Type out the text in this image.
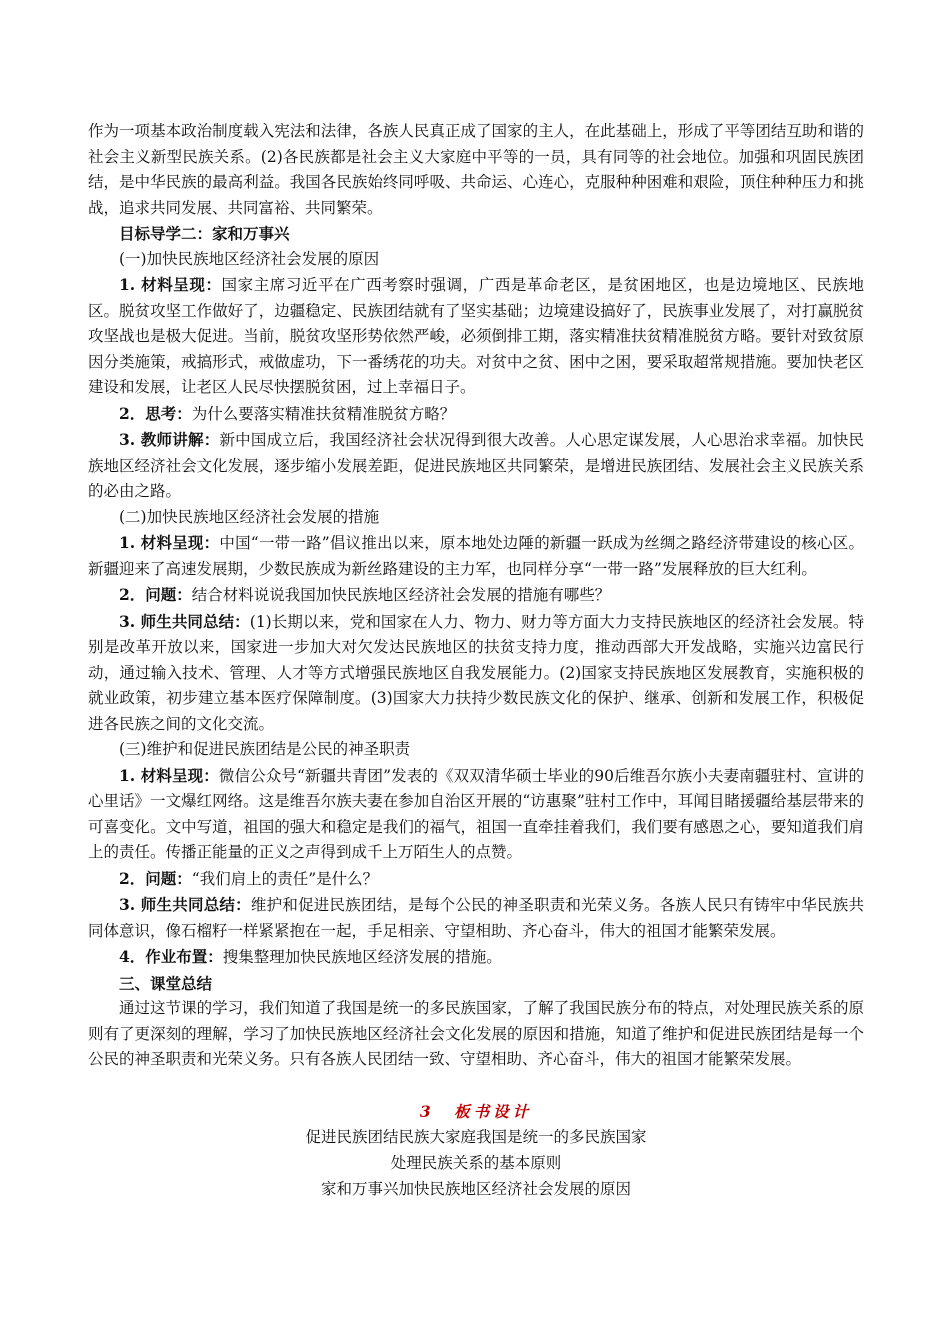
作为一项基本政治制度载入宪法和法律，各族人民真正成了国家的主人，在此基础上，形成了平等团结互助和谐的社会主义新型民族关系。(2)各民族都是社会主义大家庭中平等的一员，具有同等的社会地位。加强和巩固民族团结，是中华民族的最高利益。我国各民族始终同呼吸、共命运、心连心，克服种种困难和艰险，顶住种种压力和挑战，追求共同发展、共同富裕、共同繁荣。

目标导学二：家和万事兴

(一)加快民族地区经济社会发展的原因

1. 材料呈现：国家主席习近平在广西考察时强调，广西是革命老区，是贫困地区，也是边境地区、民族地区。脱贫攻坚工作做好了，边疆稳定、民族团结就有了坚实基础；边境建设搞好了，民族事业发展了，对打赢脱贫攻坚战也是极大促进。当前，脱贫攻坚形势依然严峻，必须倒排工期，落实精准扶贫精准脱贫方略。要针对致贫原因分类施策，戒搞形式，戒做虚功，下一番绣花的功夫。对贫中之贫、困中之困，要采取超常规措施。要加快老区建设和发展，让老区人民尽快摆脱贫困，过上幸福日子。

2．思考：为什么要落实精准扶贫精准脱贫方略？

3. 教师讲解：新中国成立后，我国经济社会状况得到很大改善。人心思定谋发展，人心思治求幸福。加快民族地区经济社会文化发展，逐步缩小发展差距，促进民族地区共同繁荣，是增进民族团结、发展社会主义民族关系的必由之路。

(二)加快民族地区经济社会发展的措施

1. 材料呈现：中国“一带一路”倡议推出以来，原本地处边陲的新疆一跃成为丝绸之路经济带建设的核心区。新疆迎来了高速发展期，少数民族成为新丝路建设的主力军，也同样分享“一带一路”发展释放的巨大红利。

2．问题：结合材料说说我国加快民族地区经济社会发展的措施有哪些？

3. 师生共同总结：(1)长期以来，党和国家在人力、物力、财力等方面大力支持民族地区的经济社会发展。特别是改革开放以来，国家进一步加大对欠发达民族地区的扶贫支持力度，推动西部大开发战略，实施兴边富民行动，通过输入技术、管理、人才等方式增强民族地区自我发展能力。(2)国家支持民族地区发展教育，实施积极的就业政策，初步建立基本医疗保障制度。(3)国家大力扶持少数民族文化的保护、继承、创新和发展工作，积极促进各民族之间的文化交流。

(三)维护和促进民族团结是公民的神圣职责

1. 材料呈现：微信公众号“新疆共青团”发表的《双双清华硕士毕业的90后维吾尔族小夫妻南疆驻村、宣讲的心里话》一文爆红网络。这是维吾尔族夫妻在参加自治区开展的“访惠聚”驻村工作中，耳闻目睹援疆给基层带来的可喜变化。文中写道，祖国的强大和稳定是我们的福气，祖国一直牵挂着我们，我们要有感恩之心，要知道我们肩上的责任。传播正能量的正义之声得到成千上万陌生人的点赞。

2．问题：“我们肩上的责任”是什么？

3. 师生共同总结：维护和促进民族团结，是每个公民的神圣职责和光荣义务。各族人民只有铸牢中华民族共同体意识，像石榴籽一样紧紧抱在一起，手足相亲、守望相助、齐心奋斗，伟大的祖国才能繁荣发展。

4．作业布置：搜集整理加快民族地区经济发展的措施。

三、课堂总结

通过这节课的学习，我们知道了我国是统一的多民族国家，了解了我国民族分布的特点，对处理民族关系的原则有了更深刻的理解，学习了加快民族地区经济社会文化发展的原因和措施，知道了维护和促进民族团结是每一个公民的神圣职责和光荣义务。只有各族人民团结一致、守望相助、齐心奋斗，伟大的祖国才能繁荣发展。

3　板书设计

促进民族团结民族大家庭我国是统一的多民族国家

处理民族关系的基本原则

家和万事兴加快民族地区经济社会发展的原因
